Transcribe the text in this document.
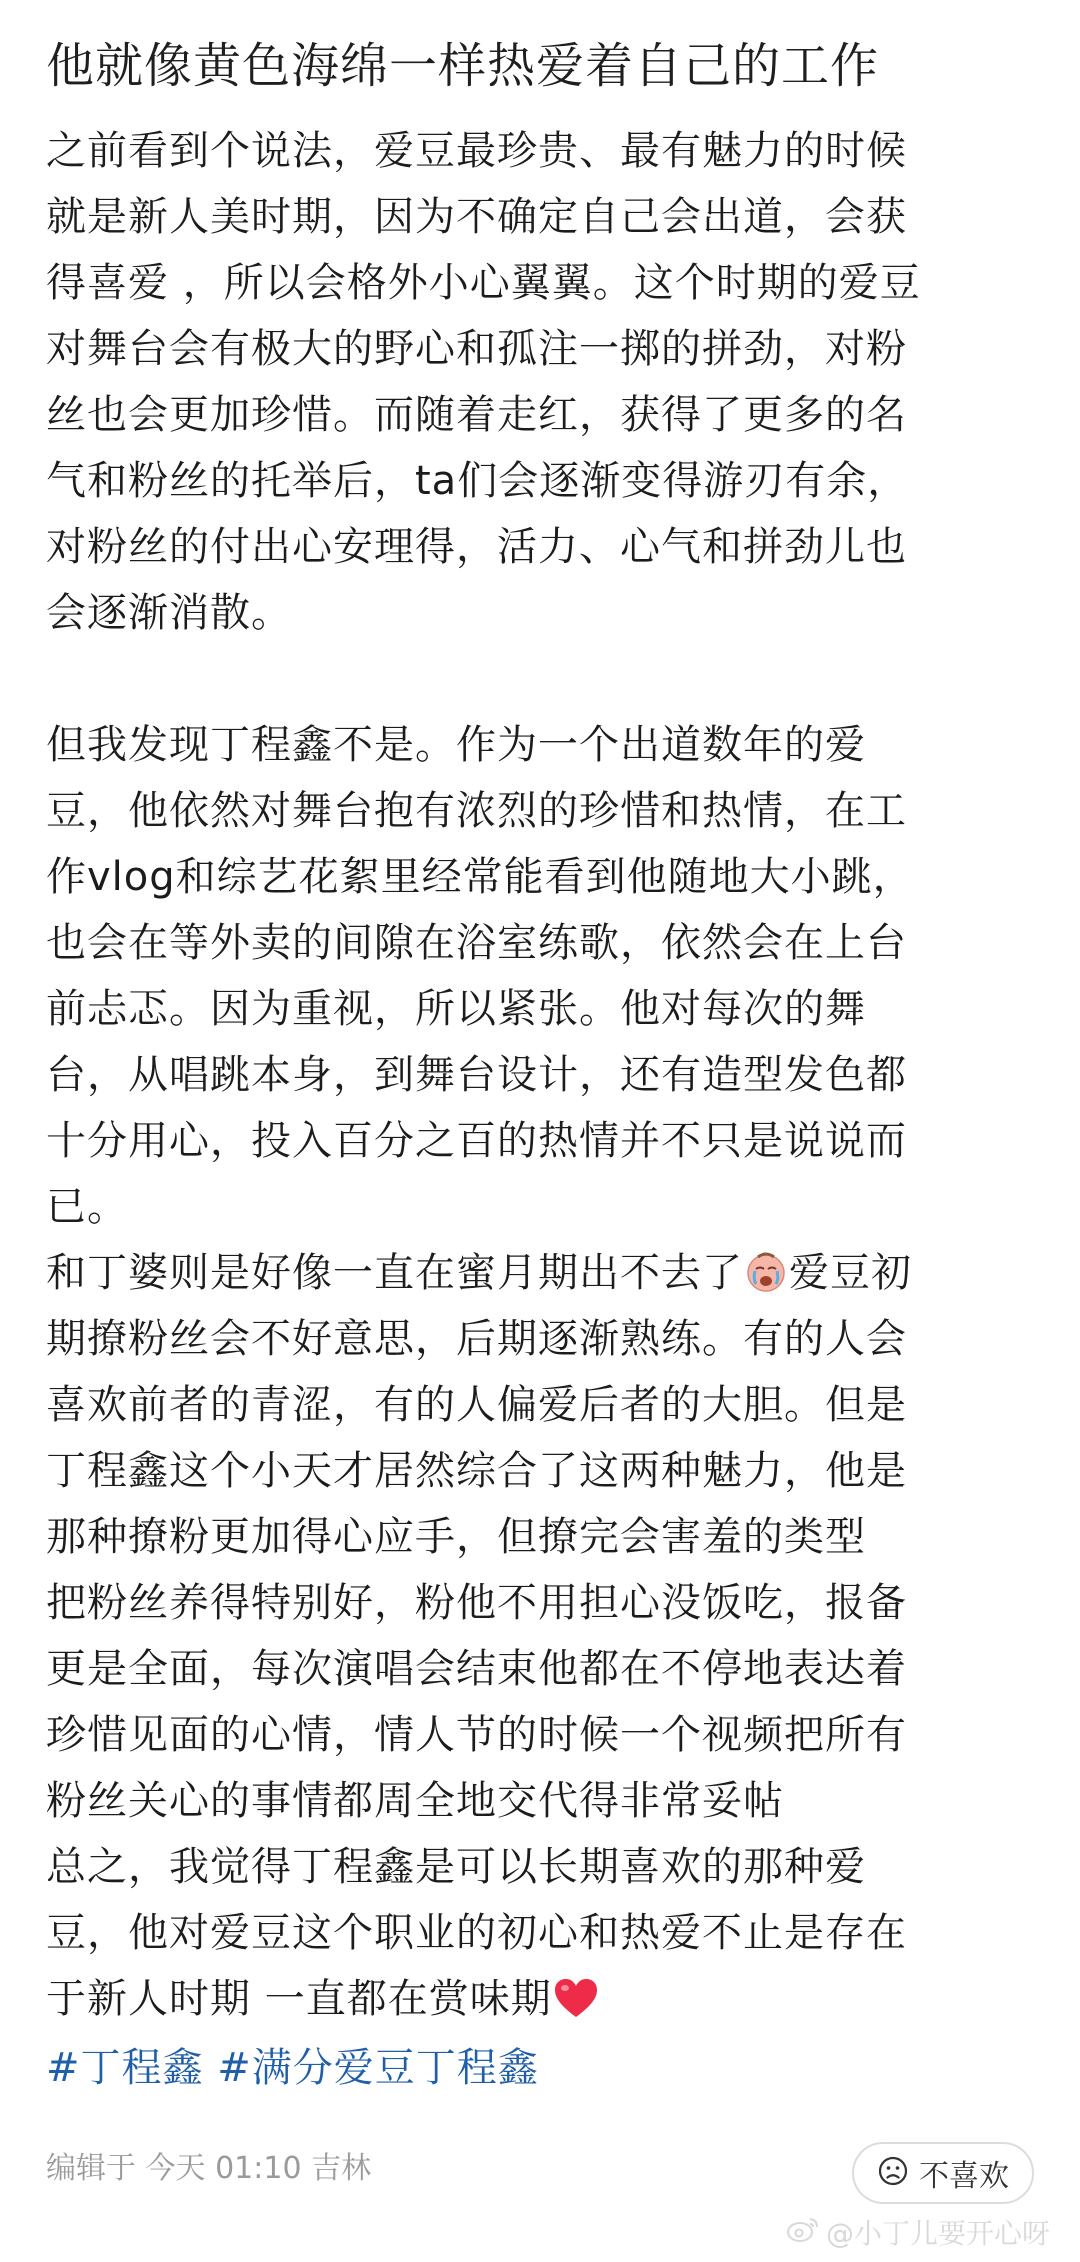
他就像黄色海绵一样热爱着自己的工作
之前看到个说法，爱豆最珍贵、最有魅力的时候
就是新人美时期，因为不确定自己会出道，会获
得喜爱 ，所以会格外小心翼翼。这个时期的爱豆
对舞台会有极大的野心和孤注一掷的拼劲，对粉
丝也会更加珍惜。而随着走红，获得了更多的名
气和粉丝的托举后，ta们会逐渐变得游刃有余，
对粉丝的付出心安理得，活力、心气和拼劲儿也
会逐渐消散。
但我发现丁程鑫不是。作为一个出道数年的爱
豆，他依然对舞台抱有浓烈的珍惜和热情，在工
作vlog和综艺花絮里经常能看到他随地大小跳，
也会在等外卖的间隙在浴室练歌，依然会在上台
前忐忑。因为重视，所以紧张。他对每次的舞
台，从唱跳本身，到舞台设计，还有造型发色都
十分用心，投入百分之百的热情并不只是说说而
已。
和丁婆则是好像一直在蜜月期出不去了 爱豆初
期撩粉丝会不好意思，后期逐渐熟练。有的人会
喜欢前者的青涩，有的人偏爱后者的大胆。但是
丁程鑫这个小天才居然综合了这两种魅力，他是
那种撩粉更加得心应手，但撩完会害羞的类型
把粉丝养得特别好，粉他不用担心没饭吃，报备
更是全面，每次演唱会结束他都在不停地表达着
珍惜见面的心情，情人节的时候一个视频把所有
粉丝关心的事情都周全地交代得非常妥帖
总之，我觉得丁程鑫是可以长期喜欢的那种爱
豆，他对爱豆这个职业的初心和热爱不止是存在
于新人时期 一直都在赏味期
#丁程鑫 #满分爱豆丁程鑫
编辑于 今天 01:10 吉林	不喜欢
@小丁儿要开心呀
